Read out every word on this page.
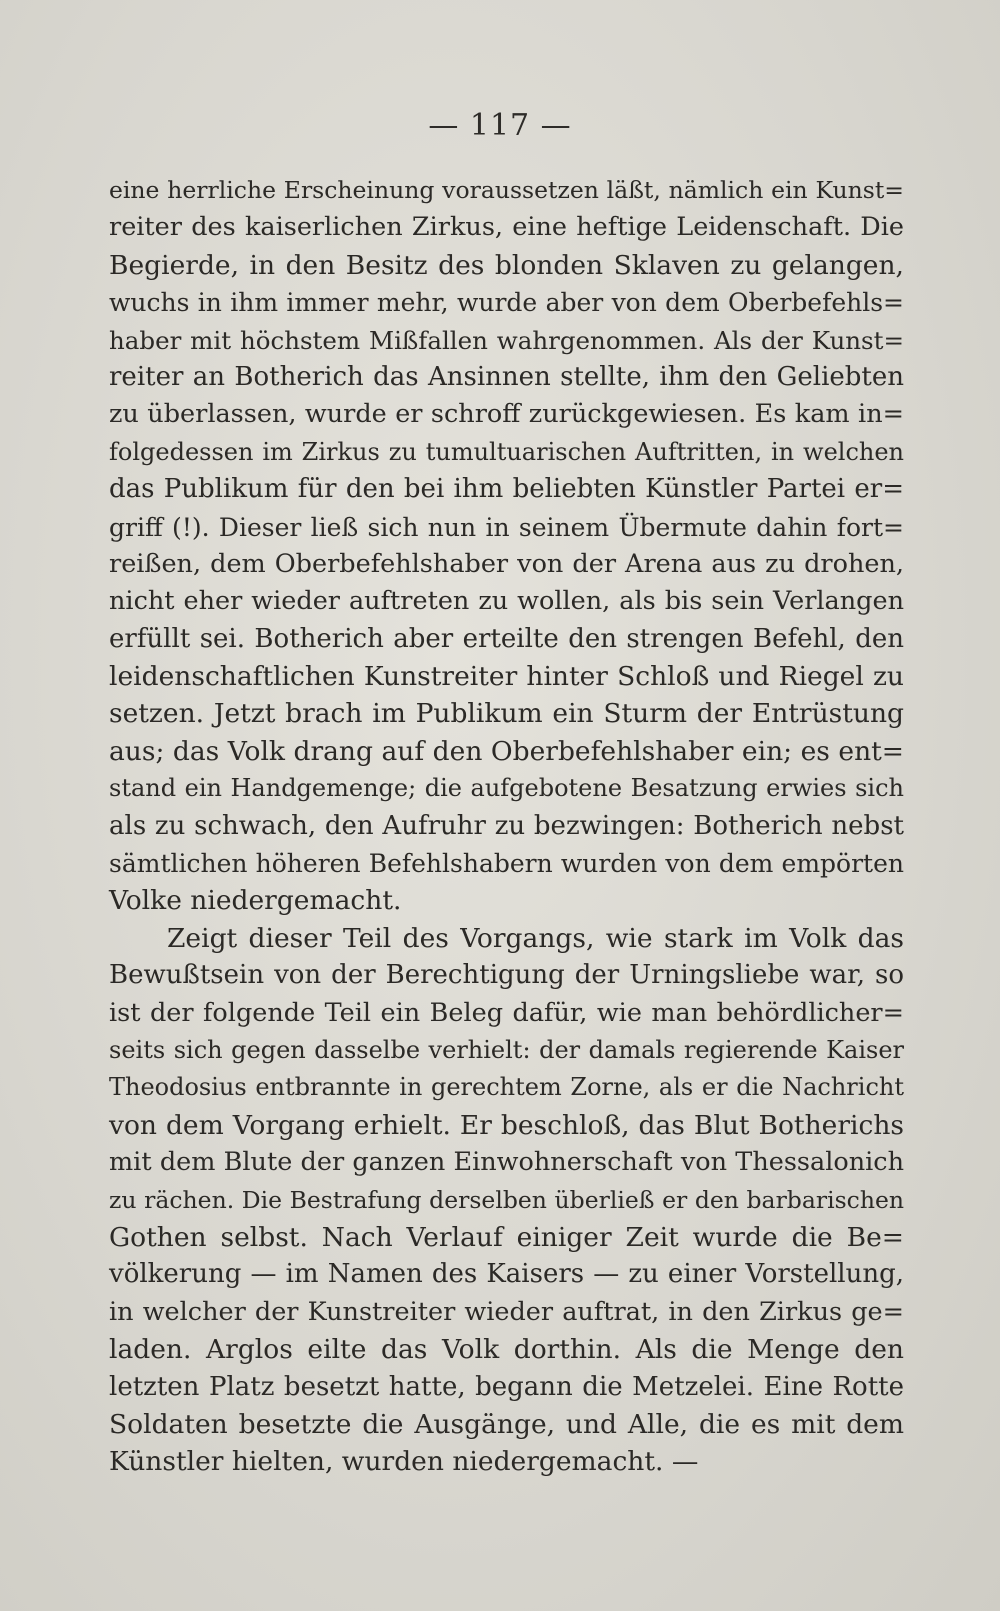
— 117 —
eine herrliche Erscheinung voraussetzen läßt, nämlich ein Kunst=
reiter des kaiserlichen Zirkus, eine heftige Leidenschaft. Die
Begierde, in den Besitz des blonden Sklaven zu gelangen,
wuchs in ihm immer mehr, wurde aber von dem Oberbefehls=
haber mit höchstem Mißfallen wahrgenommen. Als der Kunst=
reiter an Botherich das Ansinnen stellte, ihm den Geliebten
zu überlassen, wurde er schroff zurückgewiesen. Es kam in=
folgedessen im Zirkus zu tumultuarischen Auftritten, in welchen
das Publikum für den bei ihm beliebten Künstler Partei er=
griff (!). Dieser ließ sich nun in seinem Übermute dahin fort=
reißen, dem Oberbefehlshaber von der Arena aus zu drohen,
nicht eher wieder auftreten zu wollen, als bis sein Verlangen
erfüllt sei. Botherich aber erteilte den strengen Befehl, den
leidenschaftlichen Kunstreiter hinter Schloß und Riegel zu
setzen. Jetzt brach im Publikum ein Sturm der Entrüstung
aus; das Volk drang auf den Oberbefehlshaber ein; es ent=
stand ein Handgemenge; die aufgebotene Besatzung erwies sich
als zu schwach, den Aufruhr zu bezwingen: Botherich nebst
sämtlichen höheren Befehlshabern wurden von dem empörten
Volke niedergemacht.
Zeigt dieser Teil des Vorgangs, wie stark im Volk das
Bewußtsein von der Berechtigung der Urningsliebe war, so
ist der folgende Teil ein Beleg dafür, wie man behördlicher=
seits sich gegen dasselbe verhielt: der damals regierende Kaiser
Theodosius entbrannte in gerechtem Zorne, als er die Nachricht
von dem Vorgang erhielt. Er beschloß, das Blut Botherichs
mit dem Blute der ganzen Einwohnerschaft von Thessalonich
zu rächen. Die Bestrafung derselben überließ er den barbarischen
Gothen selbst. Nach Verlauf einiger Zeit wurde die Be=
völkerung — im Namen des Kaisers — zu einer Vorstellung,
in welcher der Kunstreiter wieder auftrat, in den Zirkus ge=
laden. Arglos eilte das Volk dorthin. Als die Menge den
letzten Platz besetzt hatte, begann die Metzelei. Eine Rotte
Soldaten besetzte die Ausgänge, und Alle, die es mit dem
Künstler hielten, wurden niedergemacht. —
